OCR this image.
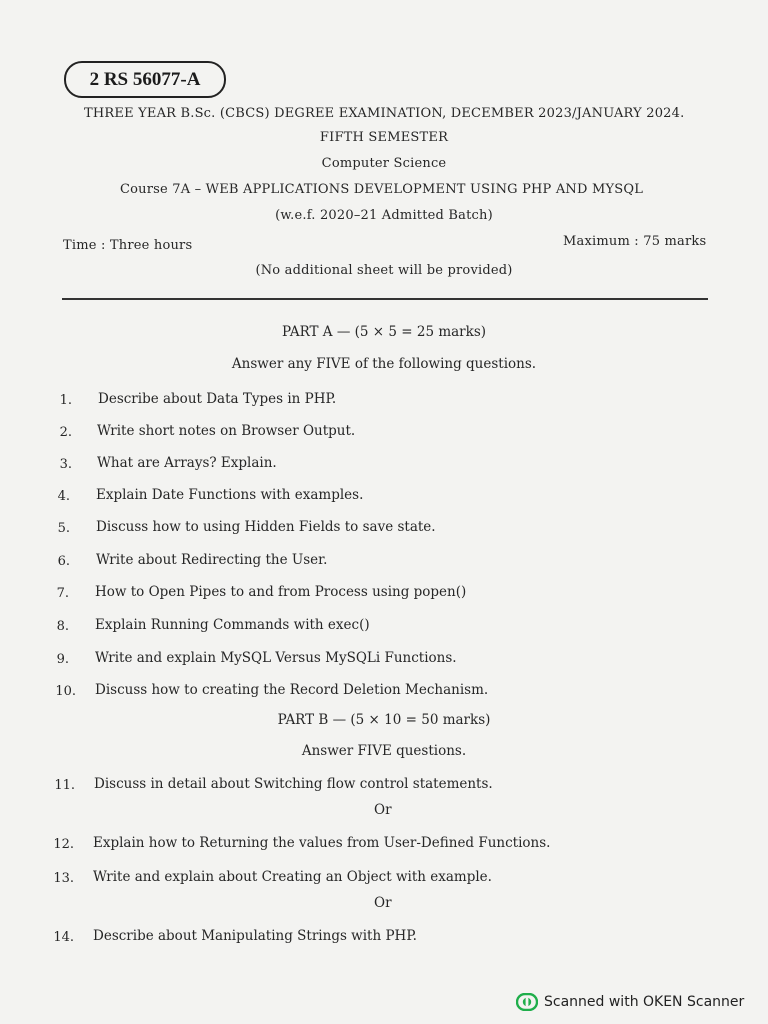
2 RS 56077-A
THREE YEAR B.Sc. (CBCS) DEGREE EXAMINATION, DECEMBER 2023/JANUARY 2024.
FIFTH SEMESTER
Computer Science
Course 7A – WEB APPLICATIONS DEVELOPMENT USING PHP AND MYSQL
(w.e.f. 2020–21 Admitted Batch)
Time : Three hours	Maximum : 75 marks
(No additional sheet will be provided)
PART A — (5 × 5 = 25 marks)
Answer any FIVE of the following questions.
1. Describe about Data Types in PHP.
2. Write short notes on Browser Output.
3. What are Arrays? Explain.
4. Explain Date Functions with examples.
5. Discuss how to using Hidden Fields to save state.
6. Write about Redirecting the User.
7. How to Open Pipes to and from Process using popen()
8. Explain Running Commands with exec()
9. Write and explain MySQL Versus MySQLi Functions.
10. Discuss how to creating the Record Deletion Mechanism.
PART B — (5 × 10 = 50 marks)
Answer FIVE questions.
11. Discuss in detail about Switching flow control statements.
Or
12. Explain how to Returning the values from User-Defined Functions.
13. Write and explain about Creating an Object with example.
Or
14. Describe about Manipulating Strings with PHP.
Scanned with OKEN Scanner
